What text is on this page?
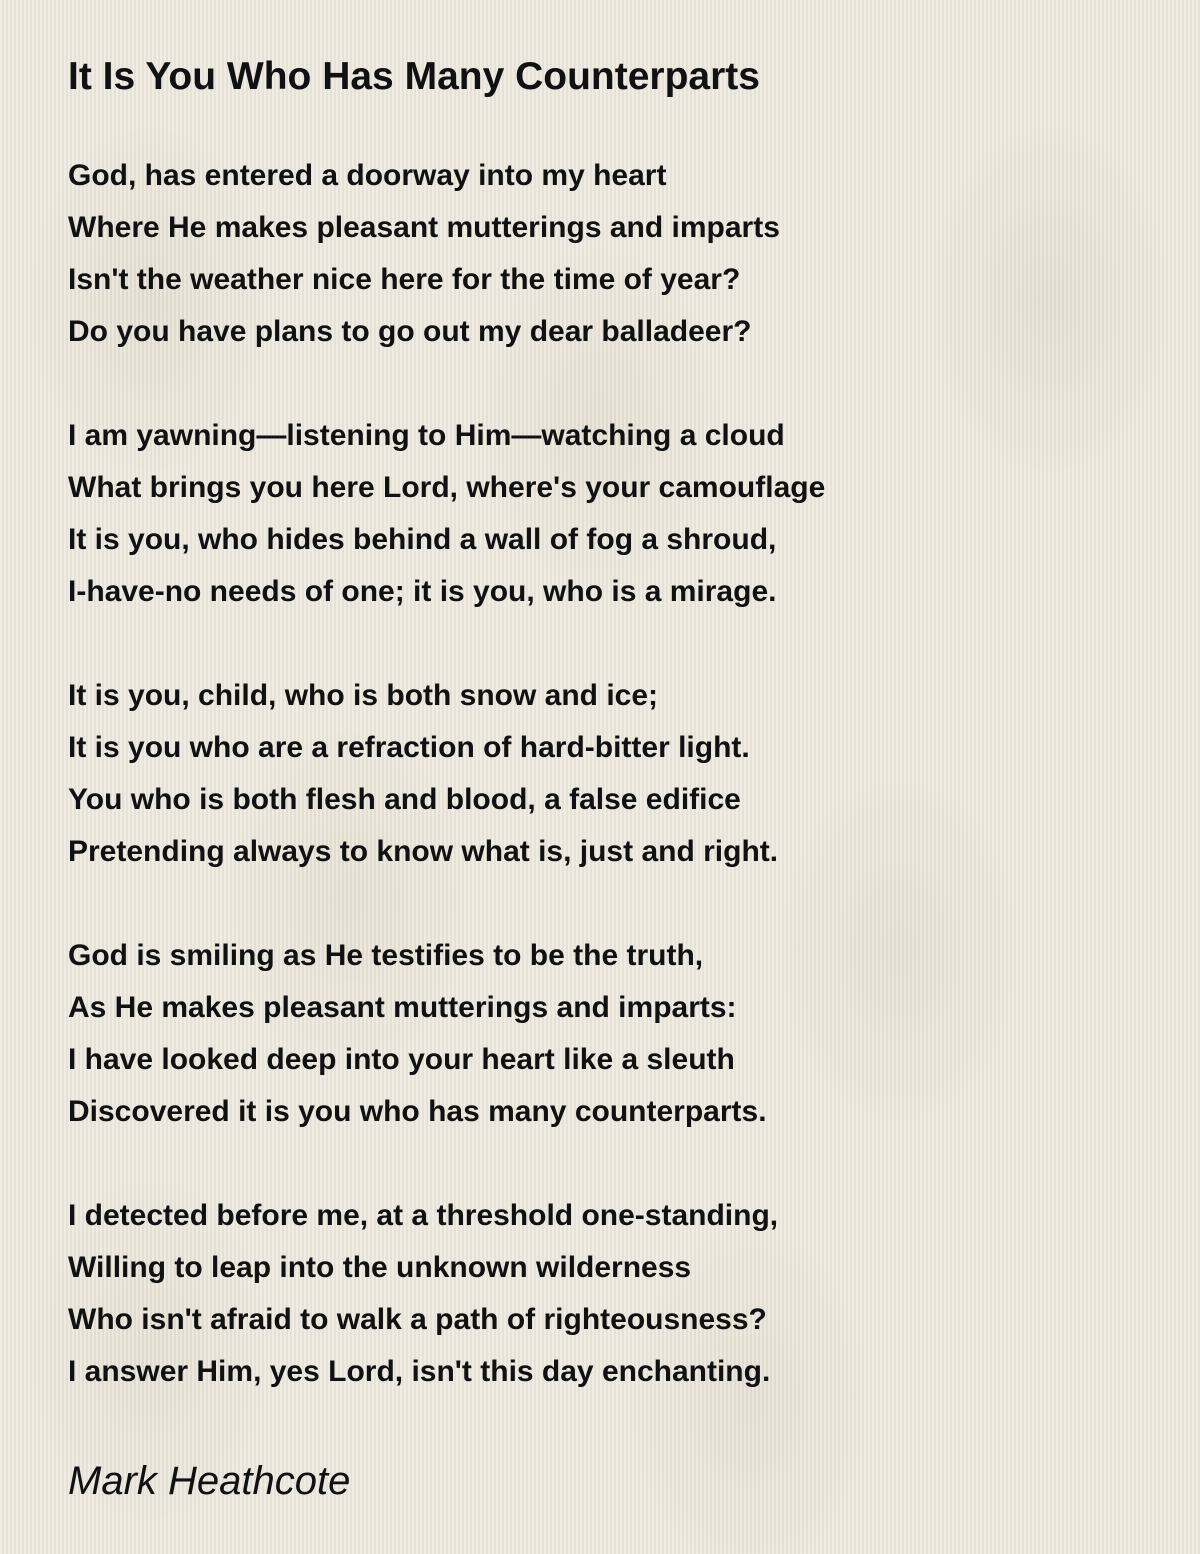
It Is You Who Has Many Counterparts
God, has entered a doorway into my heart
Where He makes pleasant mutterings and imparts
Isn't the weather nice here for the time of year?
Do you have plans to go out my dear balladeer?
I am yawning—listening to Him—watching a cloud
What brings you here Lord, where's your camouflage
It is you, who hides behind a wall of fog a shroud,
I-have-no needs of one; it is you, who is a mirage.
It is you, child, who is both snow and ice;
It is you who are a refraction of hard-bitter light.
You who is both flesh and blood, a false edifice
Pretending always to know what is, just and right.
God is smiling as He testifies to be the truth,
As He makes pleasant mutterings and imparts:
I have looked deep into your heart like a sleuth
Discovered it is you who has many counterparts.
I detected before me, at a threshold one-standing,
Willing to leap into the unknown wilderness
Who isn't afraid to walk a path of righteousness?
I answer Him, yes Lord, isn't this day enchanting.
Mark Heathcote
